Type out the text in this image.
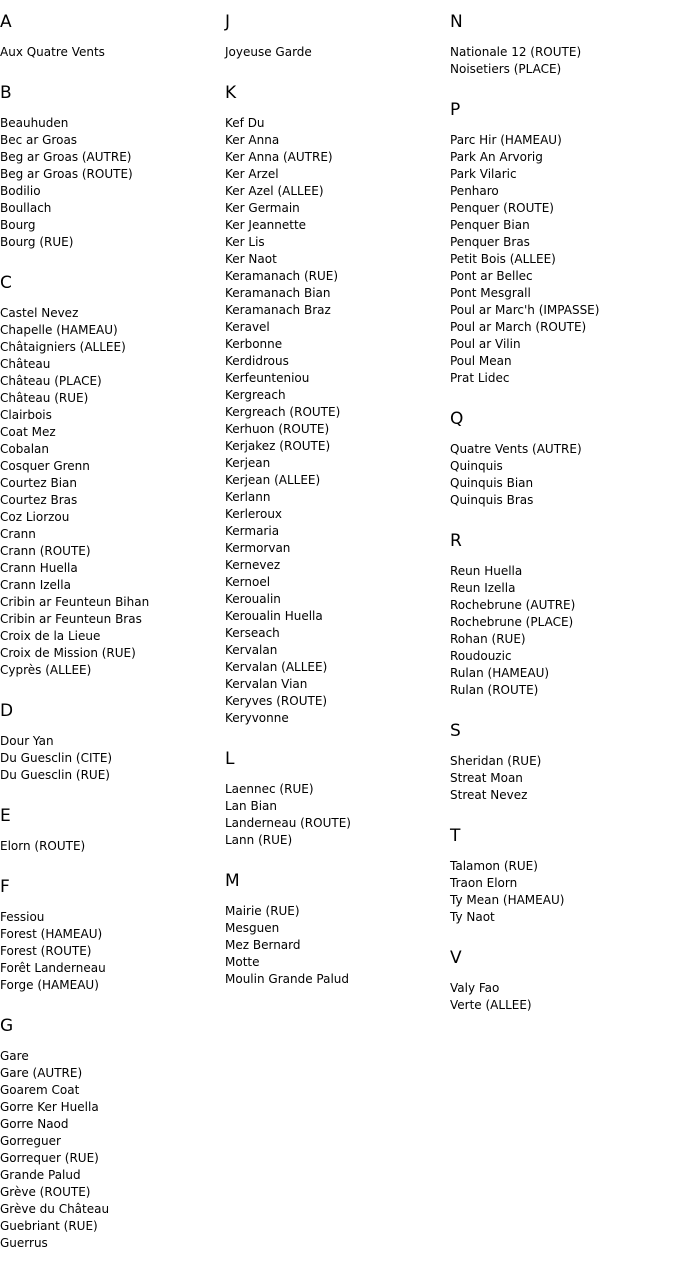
A
Aux Quatre Vents
B
Beauhuden
Bec ar Groas
Beg ar Groas (AUTRE)
Beg ar Groas (ROUTE)
Bodilio
Boullach
Bourg
Bourg (RUE)
C
Castel Nevez
Chapelle (HAMEAU)
Châtaigniers (ALLEE)
Château
Château (PLACE)
Château (RUE)
Clairbois
Coat Mez
Cobalan
Cosquer Grenn
Courtez Bian
Courtez Bras
Coz Liorzou
Crann
Crann (ROUTE)
Crann Huella
Crann Izella
Cribin ar Feunteun Bihan
Cribin ar Feunteun Bras
Croix de la Lieue
Croix de Mission (RUE)
Cyprès (ALLEE)
D
Dour Yan
Du Guesclin (CITE)
Du Guesclin (RUE)
E
Elorn (ROUTE)
F
Fessiou
Forest (HAMEAU)
Forest (ROUTE)
Forêt Landerneau
Forge (HAMEAU)
G
Gare
Gare (AUTRE)
Goarem Coat
Gorre Ker Huella
Gorre Naod
Gorreguer
Gorrequer (RUE)
Grande Palud
Grève (ROUTE)
Grève du Château
Guebriant (RUE)
Guerrus
J
Joyeuse Garde
K
Kef Du
Ker Anna
Ker Anna (AUTRE)
Ker Arzel
Ker Azel (ALLEE)
Ker Germain
Ker Jeannette
Ker Lis
Ker Naot
Keramanach (RUE)
Keramanach Bian
Keramanach Braz
Keravel
Kerbonne
Kerdidrous
Kerfeunteniou
Kergreach
Kergreach (ROUTE)
Kerhuon (ROUTE)
Kerjakez (ROUTE)
Kerjean
Kerjean (ALLEE)
Kerlann
Kerleroux
Kermaria
Kermorvan
Kernevez
Kernoel
Keroualin
Keroualin Huella
Kerseach
Kervalan
Kervalan (ALLEE)
Kervalan Vian
Keryves (ROUTE)
Keryvonne
L
Laennec (RUE)
Lan Bian
Landerneau (ROUTE)
Lann (RUE)
M
Mairie (RUE)
Mesguen
Mez Bernard
Motte
Moulin Grande Palud
N
Nationale 12 (ROUTE)
Noisetiers (PLACE)
P
Parc Hir (HAMEAU)
Park An Arvorig
Park Vilaric
Penharo
Penquer (ROUTE)
Penquer Bian
Penquer Bras
Petit Bois (ALLEE)
Pont ar Bellec
Pont Mesgrall
Poul ar Marc'h (IMPASSE)
Poul ar March (ROUTE)
Poul ar Vilin
Poul Mean
Prat Lidec
Q
Quatre Vents (AUTRE)
Quinquis
Quinquis Bian
Quinquis Bras
R
Reun Huella
Reun Izella
Rochebrune (AUTRE)
Rochebrune (PLACE)
Rohan (RUE)
Roudouzic
Rulan (HAMEAU)
Rulan (ROUTE)
S
Sheridan (RUE)
Streat Moan
Streat Nevez
T
Talamon (RUE)
Traon Elorn
Ty Mean (HAMEAU)
Ty Naot
V
Valy Fao
Verte (ALLEE)
